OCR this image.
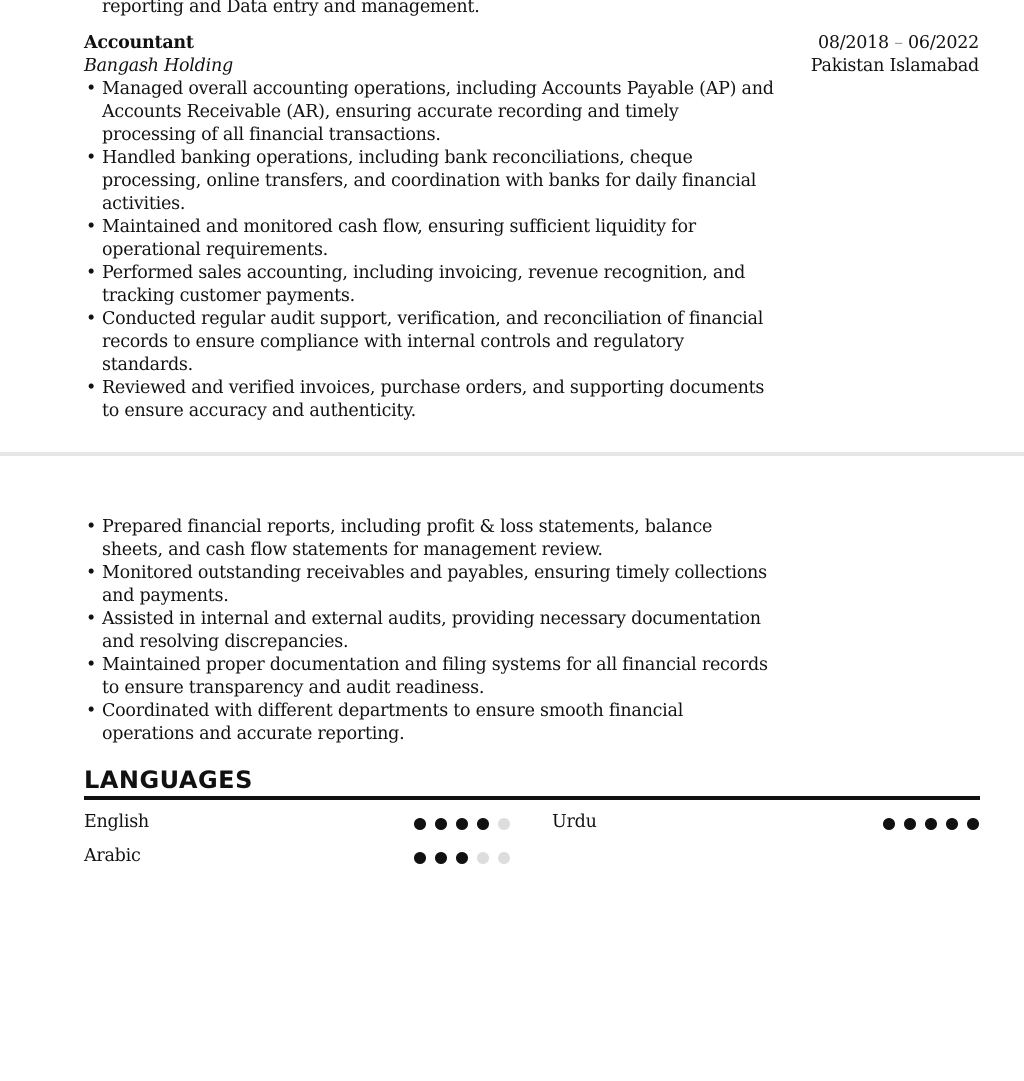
reporting and Data entry and management.
Accountant
Bangash Holding
08/2018 – 06/2022
Pakistan Islamabad
• Managed overall accounting operations, including Accounts Payable (AP) and Accounts Receivable (AR), ensuring accurate recording and timely processing of all financial transactions.
• Handled banking operations, including bank reconciliations, cheque processing, online transfers, and coordination with banks for daily financial activities.
• Maintained and monitored cash flow, ensuring sufficient liquidity for operational requirements.
• Performed sales accounting, including invoicing, revenue recognition, and tracking customer payments.
• Conducted regular audit support, verification, and reconciliation of financial records to ensure compliance with internal controls and regulatory standards.
• Reviewed and verified invoices, purchase orders, and supporting documents to ensure accuracy and authenticity.
• Prepared financial reports, including profit & loss statements, balance sheets, and cash flow statements for management review.
• Monitored outstanding receivables and payables, ensuring timely collections and payments.
• Assisted in internal and external audits, providing necessary documentation and resolving discrepancies.
• Maintained proper documentation and filing systems for all financial records to ensure transparency and audit readiness.
• Coordinated with different departments to ensure smooth financial operations and accurate reporting.
LANGUAGES
English	Urdu
Arabic
